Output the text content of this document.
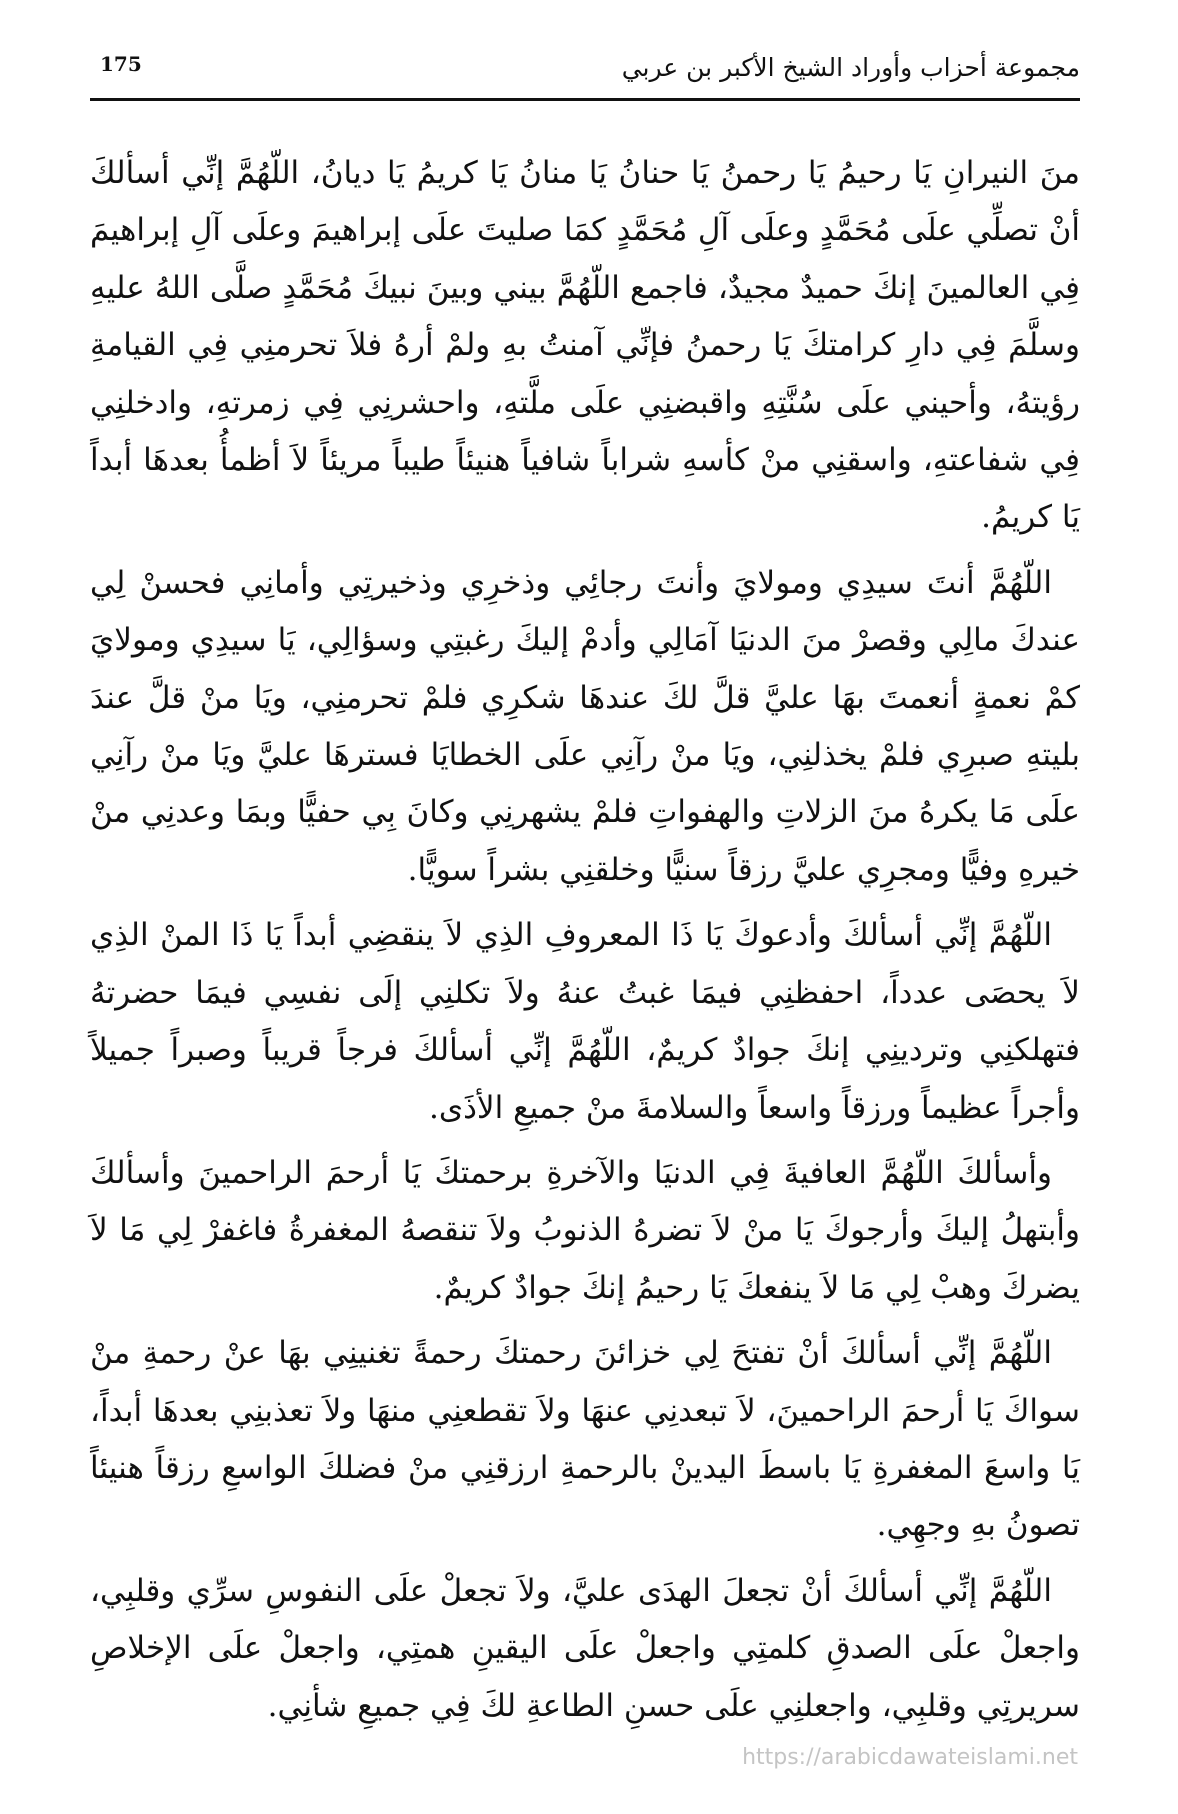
مجموعة أحزاب وأوراد الشيخ الأكبر بن عربي
175

منَ النيرانِ يَا رحيمُ يَا رحمنُ يَا حنانُ يَا منانُ يَا كريمُ يَا ديانُ، اللّهُمَّ إنِّي أسألكَ أنْ تصلِّي علَى مُحَمَّدٍ وعلَى آلِ مُحَمَّدٍ كمَا صليتَ علَى إبراهيمَ وعلَى آلِ إبراهيمَ فِي العالمينَ إنكَ حميدٌ مجيدٌ، فاجمع اللّهُمَّ بيني وبينَ نبيكَ مُحَمَّدٍ صلَّى اللهُ عليهِ وسلَّمَ فِي دارِ كرامتكَ يَا رحمنُ فإنِّي آمنتُ بهِ ولمْ أرهُ فلاَ تحرمنِي فِي القيامةِ رؤيتهُ، وأحيني علَى سُنَّتِهِ واقبضنِي علَى ملَّتهِ، واحشرنِي فِي زمرتهِ، وادخلنِي فِي شفاعتهِ، واسقنِي منْ كأسهِ شراباً شافياً هنيئاً طيباً مريئاً لاَ أظمأُ بعدهَا أبداً يَا كريمُ.

اللّهُمَّ أنتَ سيدِي ومولايَ وأنتَ رجائِي وذخرِي وذخيرتِي وأمانِي فحسنْ لِي عندكَ مالِي وقصرْ منَ الدنيَا آمَالِي وأدمْ إليكَ رغبتِي وسؤالِي، يَا سيدِي ومولايَ كمْ نعمةٍ أنعمتَ بهَا عليَّ قلَّ لكَ عندهَا شكرِي فلمْ تحرمنِي، ويَا منْ قلَّ عندَ بليتهِ صبرِي فلمْ يخذلنِي، ويَا منْ رآنِي علَى الخطايَا فسترهَا عليَّ ويَا منْ رآنِي علَى مَا يكرهُ منَ الزلاتِ والهفواتِ فلمْ يشهرنِي وكانَ بِي حفيًّا وبمَا وعدنِي منْ خيرهِ وفيًّا ومجرِي عليَّ رزقاً سنيًّا وخلقنِي بشراً سويًّا.

اللّهُمَّ إنِّي أسألكَ وأدعوكَ يَا ذَا المعروفِ الذِي لاَ ينقضِي أبداً يَا ذَا المنْ الذِي لاَ يحصَى عدداً، احفظنِي فيمَا غبتُ عنهُ ولاَ تكلنِي إلَى نفسِي فيمَا حضرتهُ فتهلكنِي وتردينِي إنكَ جوادٌ كريمٌ، اللّهُمَّ إنِّي أسألكَ فرجاً قريباً وصبراً جميلاً وأجراً عظيماً ورزقاً واسعاً والسلامةَ منْ جميعِ الأذَى.

وأسألكَ اللّهُمَّ العافيةَ فِي الدنيَا والآخرةِ برحمتكَ يَا أرحمَ الراحمينَ وأسألكَ وأبتهلُ إليكَ وأرجوكَ يَا منْ لاَ تضرهُ الذنوبُ ولاَ تنقصهُ المغفرةُ فاغفرْ لِي مَا لاَ يضركَ وهبْ لِي مَا لاَ ينفعكَ يَا رحيمُ إنكَ جوادٌ كريمٌ.

اللّهُمَّ إنِّي أسألكَ أنْ تفتحَ لِي خزائنَ رحمتكَ رحمةً تغنينِي بهَا عنْ رحمةِ منْ سواكَ يَا أرحمَ الراحمينَ، لاَ تبعدنِي عنهَا ولاَ تقطعنِي منهَا ولاَ تعذبنِي بعدهَا أبداً، يَا واسعَ المغفرةِ يَا باسطَ اليدينْ بالرحمةِ ارزقنِي منْ فضلكَ الواسعِ رزقاً هنيئاً تصونُ بهِ وجهِي.

اللّهُمَّ إنِّي أسألكَ أنْ تجعلَ الهدَى عليَّ، ولاَ تجعلْ علَى النفوسِ سرِّي وقلبِي، واجعلْ علَى الصدقِ كلمتِي واجعلْ علَى اليقينِ همتِي، واجعلْ علَى الإخلاصِ سريرتِي وقلبِي، واجعلنِي علَى حسنِ الطاعةِ لكَ فِي جميعِ شأنِي.

https://arabicdawateislami.net
